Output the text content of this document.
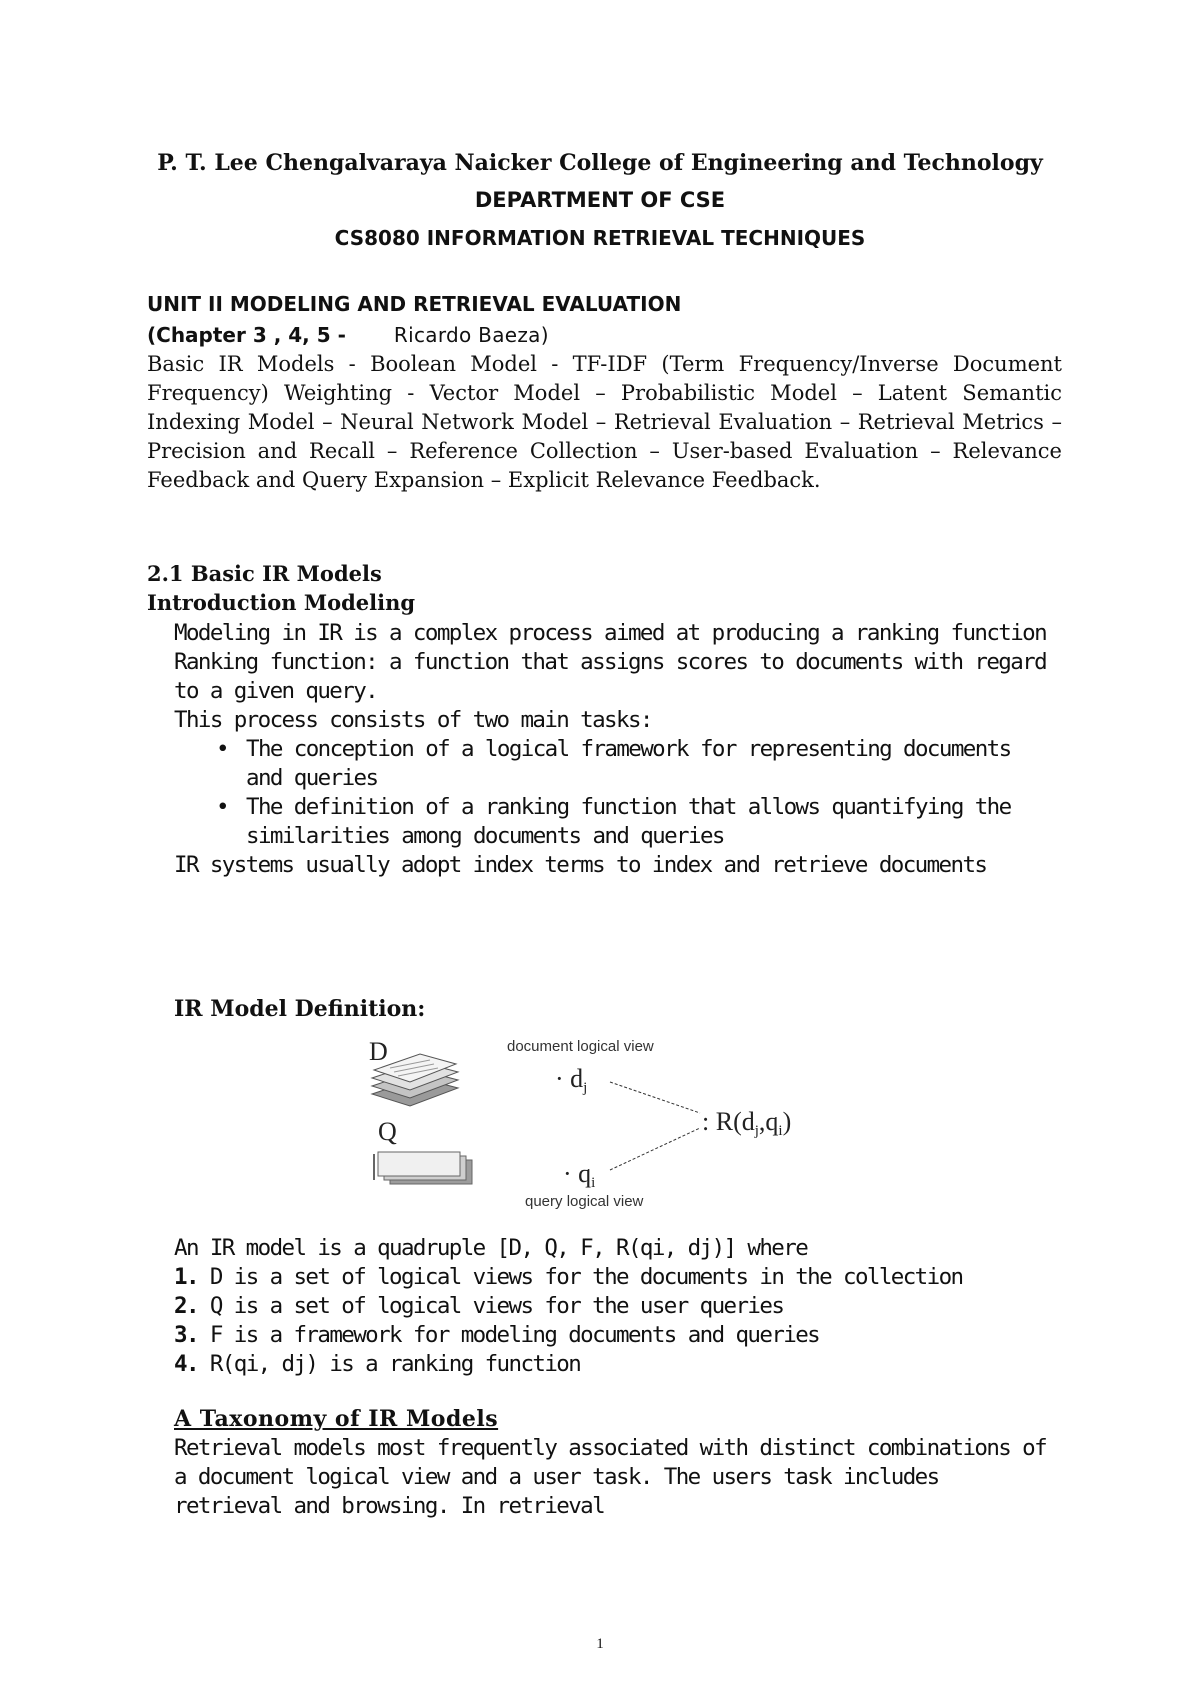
P. T. Lee Chengalvaraya Naicker College of Engineering and Technology
DEPARTMENT OF CSE
CS8080 INFORMATION RETRIEVAL TECHNIQUES
UNIT II MODELING AND RETRIEVAL EVALUATION
(Chapter 3 , 4, 5 - Ricardo Baeza)
Basic IR Models - Boolean Model - TF-IDF (Term Frequency/Inverse Document Frequency) Weighting - Vector Model – Probabilistic Model – Latent Semantic Indexing Model – Neural Network Model – Retrieval Evaluation – Retrieval Metrics – Precision and Recall – Reference Collection – User-based Evaluation – Relevance Feedback and Query Expansion – Explicit Relevance Feedback.
2.1 Basic IR Models
Introduction Modeling

Modeling in IR is a complex process aimed at producing a ranking function

Ranking function: a function that assigns scores to documents with regard to a given query.

This process consists of two main tasks:

• The conception of a logical framework for representing documents and queries
• The definition of a ranking function that allows quantifying the similarities among documents and queries

IR systems usually adopt index terms to index and retrieve documents

IR Model Definition:
D
Q
document logical view
· dj
· qi
query logical view
: R(dj,qi)

An IR model is a quadruple [D, Q, F, R(qi, dj)] where

1. D is a set of logical views for the documents in the collection

2. Q is a set of logical views for the user queries

3. F is a framework for modeling documents and queries

4. R(qi, dj) is a ranking function

A Taxonomy of IR Models
Retrieval models most frequently associated with distinct combinations of a document logical view and a user task. The users task includes retrieval and browsing. In retrieval
1
